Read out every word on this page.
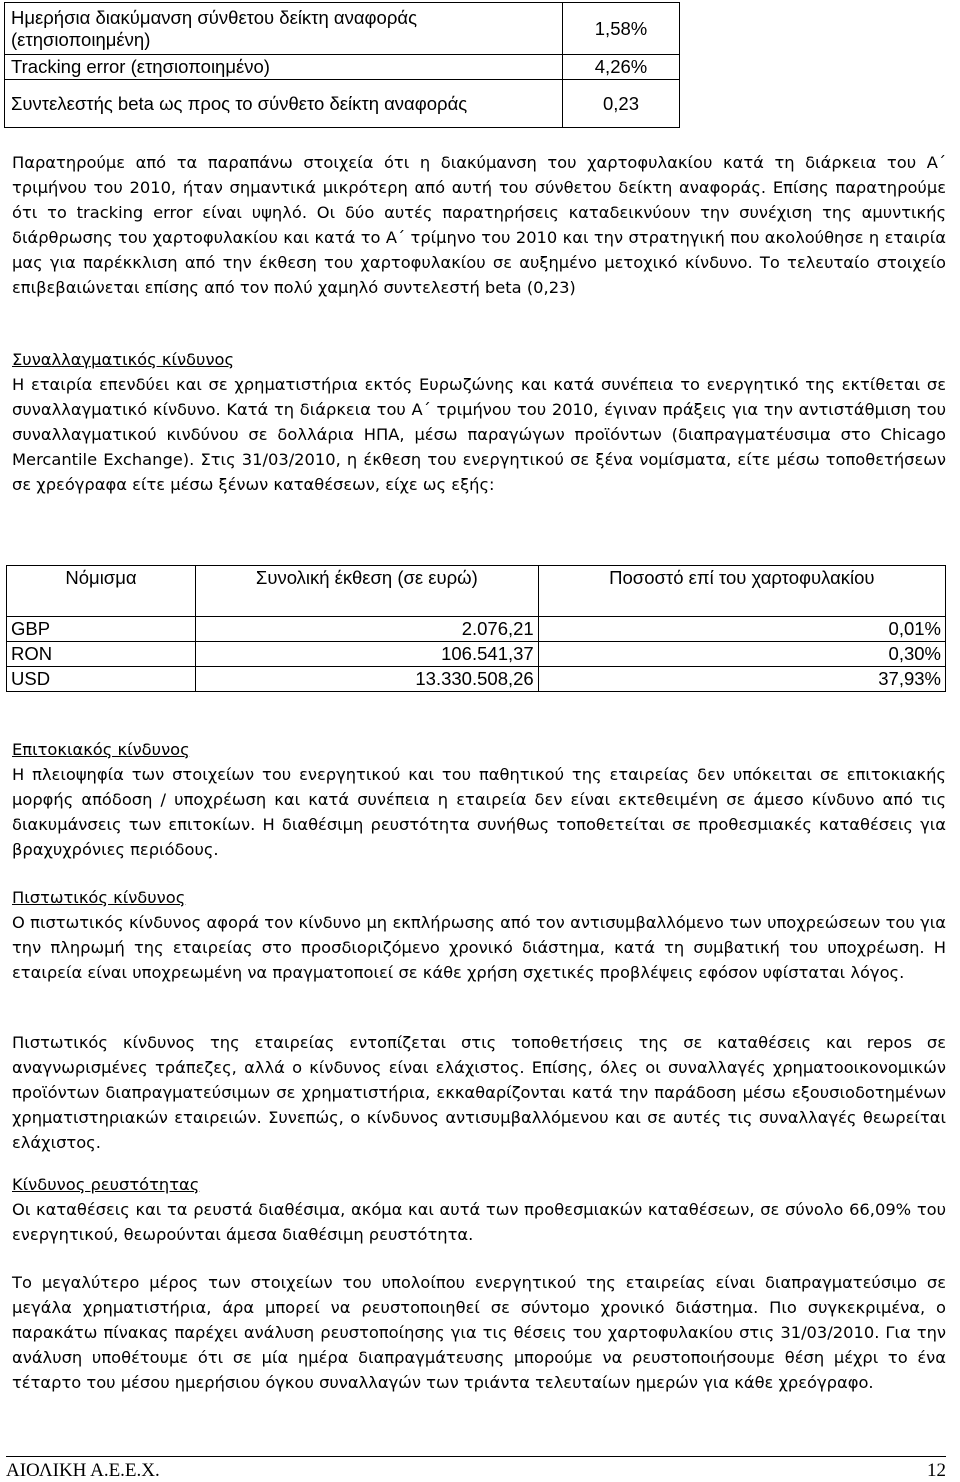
Ημερήσια διακύμανση σύνθετου δείκτη αναφοράς (ετησιοποιημένη)	1,58%
Tracking error (ετησιοποιημένο)	4,26%
Συντελεστής beta ως προς το σύνθετο δείκτη αναφοράς	0,23
Παρατηρούμε από τα παραπάνω στοιχεία ότι η διακύμανση του χαρτοφυλακίου κατά τη διάρκεια του Α΄ τριμήνου του 2010, ήταν σημαντικά μικρότερη από αυτή του σύνθετου δείκτη αναφοράς. Επίσης παρατηρούμε ότι το tracking error είναι υψηλό. Οι δύο αυτές παρατηρήσεις καταδεικνύουν την συνέχιση της αμυντικής διάρθρωσης του χαρτοφυλακίου και κατά το Α΄ τρίμηνο του 2010 και την στρατηγική που ακολούθησε η εταιρία μας για παρέκκλιση από την έκθεση του χαρτοφυλακίου σε αυξημένο μετοχικό κίνδυνο. Το τελευταίο στοιχείο επιβεβαιώνεται επίσης από τον πολύ χαμηλό συντελεστή beta (0,23)
Συναλλαγματικός κίνδυνος
Η εταιρία επενδύει και σε χρηματιστήρια εκτός Ευρωζώνης και κατά συνέπεια το ενεργητικό της εκτίθεται σε συναλλαγματικό κίνδυνο. Κατά τη διάρκεια του Α΄ τριμήνου του 2010, έγιναν πράξεις για την αντιστάθμιση του συναλλαγματικού κινδύνου σε δολλάρια ΗΠΑ, μέσω παραγώγων προϊόντων (διαπραγματέυσιμα στο Chicago Mercantile Exchange). Στις 31/03/2010, η έκθεση του ενεργητικού σε ξένα νομίσματα, είτε μέσω τοποθετήσεων σε χρεόγραφα είτε μέσω ξένων καταθέσεων, είχε ως εξής:
Νόμισμα	Συνολική έκθεση (σε ευρώ)	Ποσοστό επί του χαρτοφυλακίου
GBP	2.076,21	0,01%
RON	106.541,37	0,30%
USD	13.330.508,26	37,93%
Επιτοκιακός κίνδυνος
Η πλειοψηφία των στοιχείων του ενεργητικού και του παθητικού της εταιρείας δεν υπόκειται σε επιτοκιακής μορφής απόδοση / υποχρέωση και κατά συνέπεια η εταιρεία δεν είναι εκτεθειμένη σε άμεσο κίνδυνο από τις διακυμάνσεις των επιτοκίων. Η διαθέσιμη ρευστότητα συνήθως τοποθετείται σε προθεσμιακές καταθέσεις για βραχυχρόνιες περιόδους.
Πιστωτικός κίνδυνος
Ο πιστωτικός κίνδυνος αφορά τον κίνδυνο μη εκπλήρωσης από τον αντισυμβαλλόμενο των υποχρεώσεων του για την πληρωμή της εταιρείας στο προσδιοριζόμενο χρονικό διάστημα, κατά τη συμβατική του υποχρέωση. Η εταιρεία είναι υποχρεωμένη να πραγματοποιεί σε κάθε χρήση σχετικές προβλέψεις εφόσον υφίσταται λόγος.
Πιστωτικός κίνδυνος της εταιρείας εντοπίζεται στις τοποθετήσεις της σε καταθέσεις και repos σε αναγνωρισμένες τράπεζες, αλλά ο κίνδυνος είναι ελάχιστος. Επίσης, όλες οι συναλλαγές χρηματοοικονομικών προϊόντων διαπραγματεύσιμων σε χρηματιστήρια, εκκαθαρίζονται κατά την παράδοση μέσω εξουσιοδοτημένων χρηματιστηριακών εταιρειών. Συνεπώς, ο κίνδυνος αντισυμβαλλόμενου και σε αυτές τις συναλλαγές θεωρείται ελάχιστος.
Κίνδυνος ρευστότητας
Οι καταθέσεις και τα ρευστά διαθέσιμα, ακόμα και αυτά των προθεσμιακών καταθέσεων, σε σύνολο 66,09% του ενεργητικού, θεωρούνται άμεσα διαθέσιμη ρευστότητα.
Το μεγαλύτερο μέρος των στοιχείων του υπολοίπου ενεργητικού της εταιρείας είναι διαπραγματεύσιμο σε μεγάλα χρηματιστήρια, άρα μπορεί να ρευστοποιηθεί σε σύντομο χρονικό διάστημα. Πιο συγκεκριμένα, ο παρακάτω πίνακας παρέχει ανάλυση ρευστοποίησης για τις θέσεις του χαρτοφυλακίου στις 31/03/2010. Για την ανάλυση υποθέτουμε ότι σε μία ημέρα διαπραγμάτευσης μπορούμε να ρευστοποιήσουμε θέση μέχρι το ένα τέταρτο του μέσου ημερήσιου όγκου συναλλαγών των τριάντα τελευταίων ημερών για κάθε χρεόγραφο.
ΑΙΟΛΙΚΗ Α.Ε.Ε.Χ.	12
